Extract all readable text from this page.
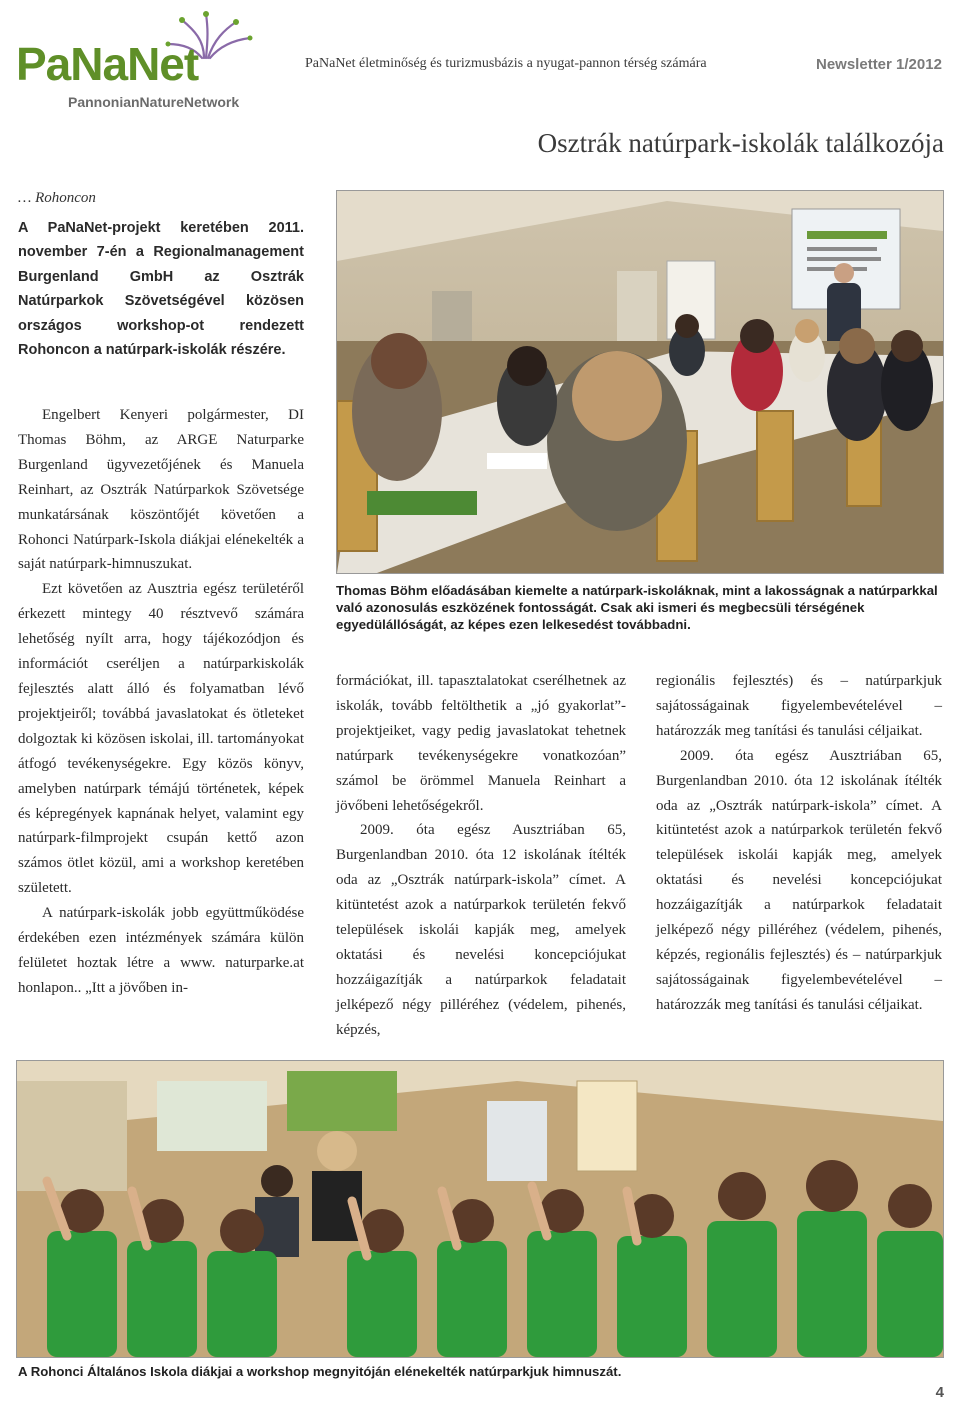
PaNaNet
PannonianNatureNetwork
PaNaNet életminőség és turizmusbázis a nyugat-pannon térség számára	Newsletter 1/2012
Osztrák natúrpark-iskolák találkozója
… Rohoncon
A PaNaNet-projekt keretében 2011. november 7-én a Regionalmanagement Burgenland GmbH az Osztrák Natúrparkok Szövetségével közösen országos workshop-ot rendezett Rohoncon a natúrpark-iskolák részére.

Engelbert Kenyeri polgármester, DI Thomas Böhm, az ARGE Naturparke Burgenland ügyvezetőjének és Manuela Reinhart, az Osztrák Natúrparkok Szövetsége munkatársának köszöntőjét követően a Rohonci Natúrpark-Iskola diákjai elénekelték a saját natúrpark-himnuszukat.

Ezt követően az Ausztria egész területéről érkezett mintegy 40 résztvevő számára lehetőség nyílt arra, hogy tájékozódjon és információt cseréljen a natúrparkiskolák fejlesztés alatt álló és folyamatban lévő projektjeiről; továbbá javaslatokat és ötleteket dolgoztak ki közösen iskolai, ill. tartományokat átfogó tevékenységekre. Egy közös könyv, amelyben natúrpark témájú történetek, képek és képregények kapnának helyet, valamint egy natúrpark-filmprojekt csupán kettő azon számos ötlet közül, ami a workshop keretében született.

A natúrpark-iskolák jobb együttműködése érdekében ezen intézmények számára külön felületet hoztak létre a www. naturparke.at honlapon.. „Itt a jövőben in-

Thomas Böhm előadásában kiemelte a natúrpark-iskoláknak, mint a lakosságnak a natúrparkkal való azonosulás eszközének fontosságát. Csak aki ismeri és megbecsüli térségének egyedülállóságát, az képes ezen lelkesedést továbbadni.

formációkat, ill. tapasztalatokat cserélhetnek az iskolák, tovább feltölthetik a „jó gyakorlat”-projektjeiket, vagy pedig javaslatokat tehetnek natúrpark tevékenységekre vonatkozóan” számol be örömmel Manuela Reinhart a jövőbeni lehetőségekről.

2009. óta egész Ausztriában 65, Burgenlandban 2010. óta 12 iskolának ítélték oda az „Osztrák natúrpark-iskola” címet. A kitüntetést azok a natúrparkok területén fekvő települések iskolái kapják meg, amelyek oktatási és nevelési koncepciójukat hozzáigazítják a natúrparkok feladatait jelképező négy pilléréhez (védelem, pihenés, képzés,

regionális fejlesztés) és – natúrparkjuk sajátosságainak figyelembevételével – határozzák meg tanítási és tanulási céljaikat.

2009. óta egész Ausztriában 65, Burgenlandban 2010. óta 12 iskolának ítélték oda az „Osztrák natúrpark-iskola” címet. A kitüntetést azok a natúrparkok területén fekvő települések iskolái kapják meg, amelyek oktatási és nevelési koncepciójukat hozzáigazítják a natúrparkok feladatait jelképező négy pilléréhez (védelem, pihenés, képzés, regionális fejlesztés) és – natúrparkjuk sajátosságainak figyelembevételével – határozzák meg tanítási és tanulási céljaikat.

A Rohonci Általános Iskola diákjai a workshop megnyitóján elénekelték natúrparkjuk himnuszát.
4
